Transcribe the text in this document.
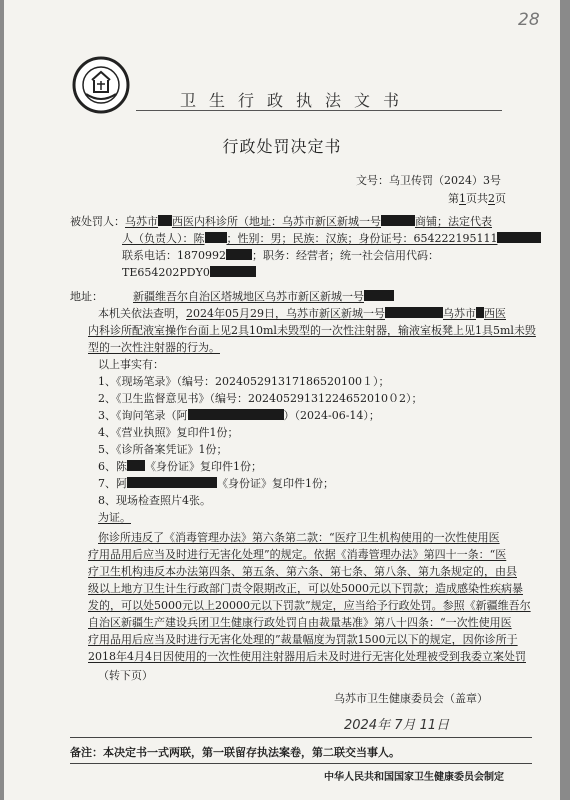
28
卫生行政执法文书
行政处罚决定书
文号：乌卫传罚（2024）3号
第1页共2页
被处罚人：乌苏市 西医内科诊所（地址：乌苏市新区新城一号	商铺；法定代表
人（负责人）：陈 ；性别：男；民族：汉族；身份证号：654222195111
联系电话：1870992 ；职务：经营者；统一社会信用代码：
TE654202PDY0
地址：	新疆维吾尔自治区塔城地区乌苏市新区新城一号
本机关依法查明，2024年05月29日，乌苏市新区新城一号	乌苏市 西医
内科诊所配液室操作台面上见2具10ml未毁型的一次性注射器，输液室板凳上见1具5ml未毁
型的一次性注射器的行为。
以上事实有：
1、《现场笔录》（编号：202405291317186520100１）；
2、《卫生监督意见书》（编号：20240529131224652010０2）；
3、《询问笔录（阿	）（2024-06-14）；
4、《营业执照》复印件1份；
5、《诊所备案凭证》1份；
6、陈 《身份证》复印件1份；
7、阿	《身份证》复印件1份；
8、现场检查照片4张。
为证。
你诊所违反了《消毒管理办法》第六条第二款：“医疗卫生机构使用的一次性使用医
疗用品用后应当及时进行无害化处理”的规定。依据《消毒管理办法》第四十一条：“医
疗卫生机构违反本办法第四条、第五条、第六条、第七条、第八条、第九条规定的，由县
级以上地方卫生计生行政部门责令限期改正，可以处5000元以下罚款；造成感染性疾病暴
发的，可以处5000元以上20000元以下罚款”规定，应当给予行政处罚。参照《新疆维吾尔
自治区新疆生产建设兵团卫生健康行政处罚自由裁量基准》第八十四条：“一次性使用医
疗用品用后应当及时进行无害化处理的”裁量幅度为罚款1500元以下的规定，因你诊所于
2018年4月4日因使用的一次性使用注射器用后未及时进行无害化处理被受到我委立案处罚
（转下页）
乌苏市卫生健康委员会（盖章）
2024年 7月 11日
备注：本决定书一式两联，第一联留存执法案卷，第二联交当事人。
中华人民共和国国家卫生健康委员会制定
